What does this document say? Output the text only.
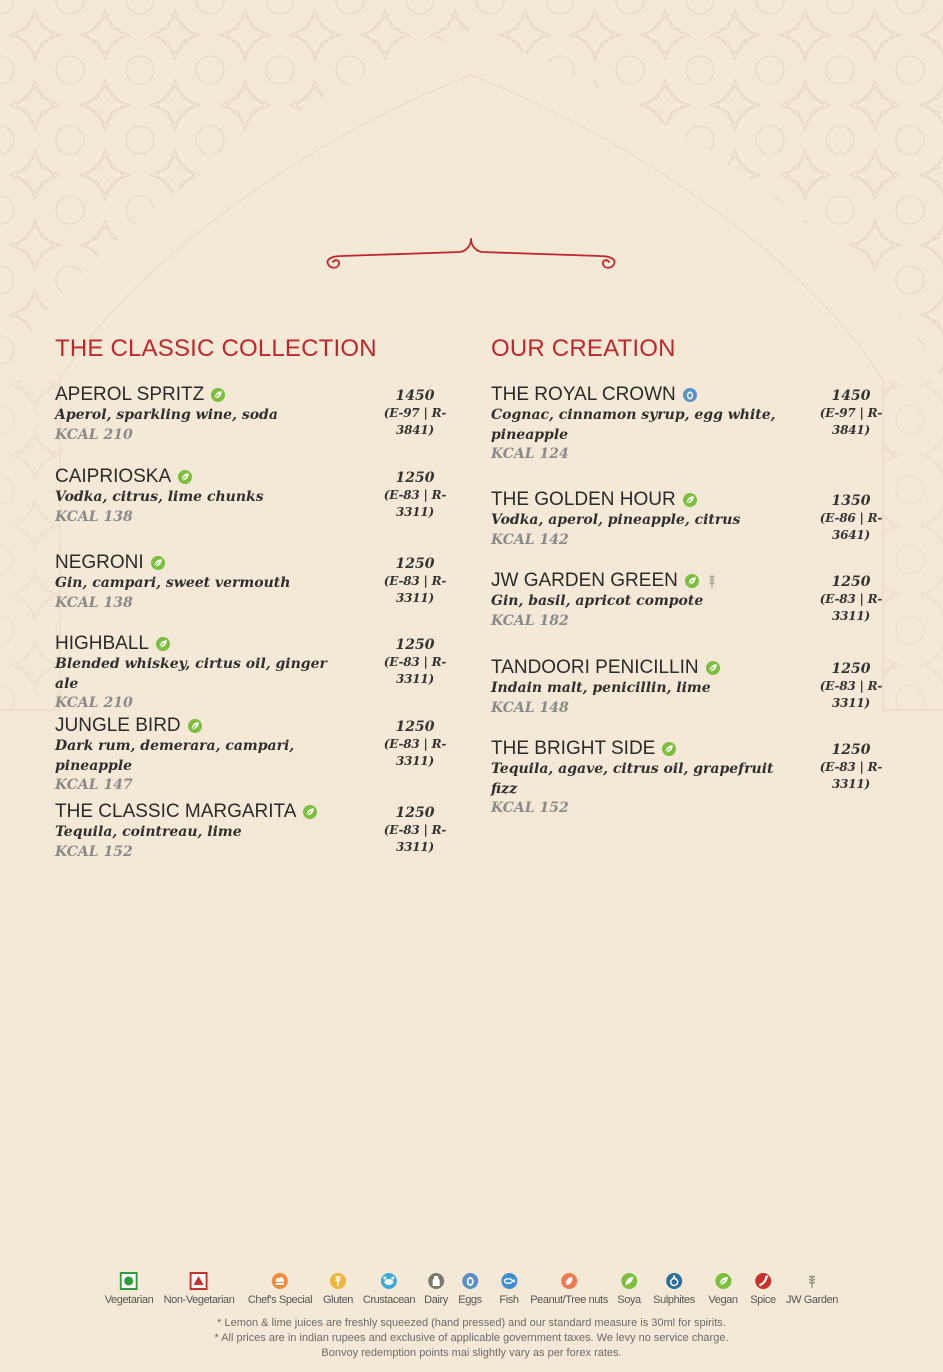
THE CLASSIC COLLECTION
APEROL SPRITZ
Aperol, sparkling wine, soda
KCAL 210
1450
(E-97 | R-3841)
CAIPRIOSKA
Vodka, citrus, lime chunks
KCAL 138
1250
(E-83 | R-3311)
NEGRONI
Gin, campari, sweet vermouth
KCAL 138
1250
(E-83 | R-3311)
HIGHBALL
Blended whiskey, cirtus oil, ginger ale
KCAL 210
1250
(E-83 | R-3311)
JUNGLE BIRD
Dark rum, demerara, campari, pineapple
KCAL 147
1250
(E-83 | R-3311)
THE CLASSIC MARGARITA
Tequila, cointreau, lime
KCAL 152
1250
(E-83 | R-3311)
OUR CREATION
THE ROYAL CROWN
Cognac, cinnamon syrup, egg white, pineapple
KCAL 124
1450
(E-97 | R-3841)
THE GOLDEN HOUR
Vodka, aperol, pineapple, citrus
KCAL 142
1350
(E-86 | R-3641)
JW GARDEN GREEN
Gin, basil, apricot compote
KCAL 182
1250
(E-83 | R-3311)
TANDOORI PENICILLIN
Indain malt, penicillin, lime
KCAL 148
1250
(E-83 | R-3311)
THE BRIGHT SIDE
Tequila, agave, citrus oil, grapefruit fizz
KCAL 152
1250
(E-83 | R-3311)
Vegetarian Non-Vegetarian Chef's Special Gluten Crustacean Dairy Eggs Fish Peanut/Tree nuts Soya Sulphites Vegan Spice JW Garden
* Lemon & lime juices are freshly squeezed (hand pressed) and our standard measure is 30ml for spirits.
* All prices are in indian rupees and exclusive of applicable government taxes. We levy no service charge.
Bonvoy redemption points mai slightly vary as per forex rates.
